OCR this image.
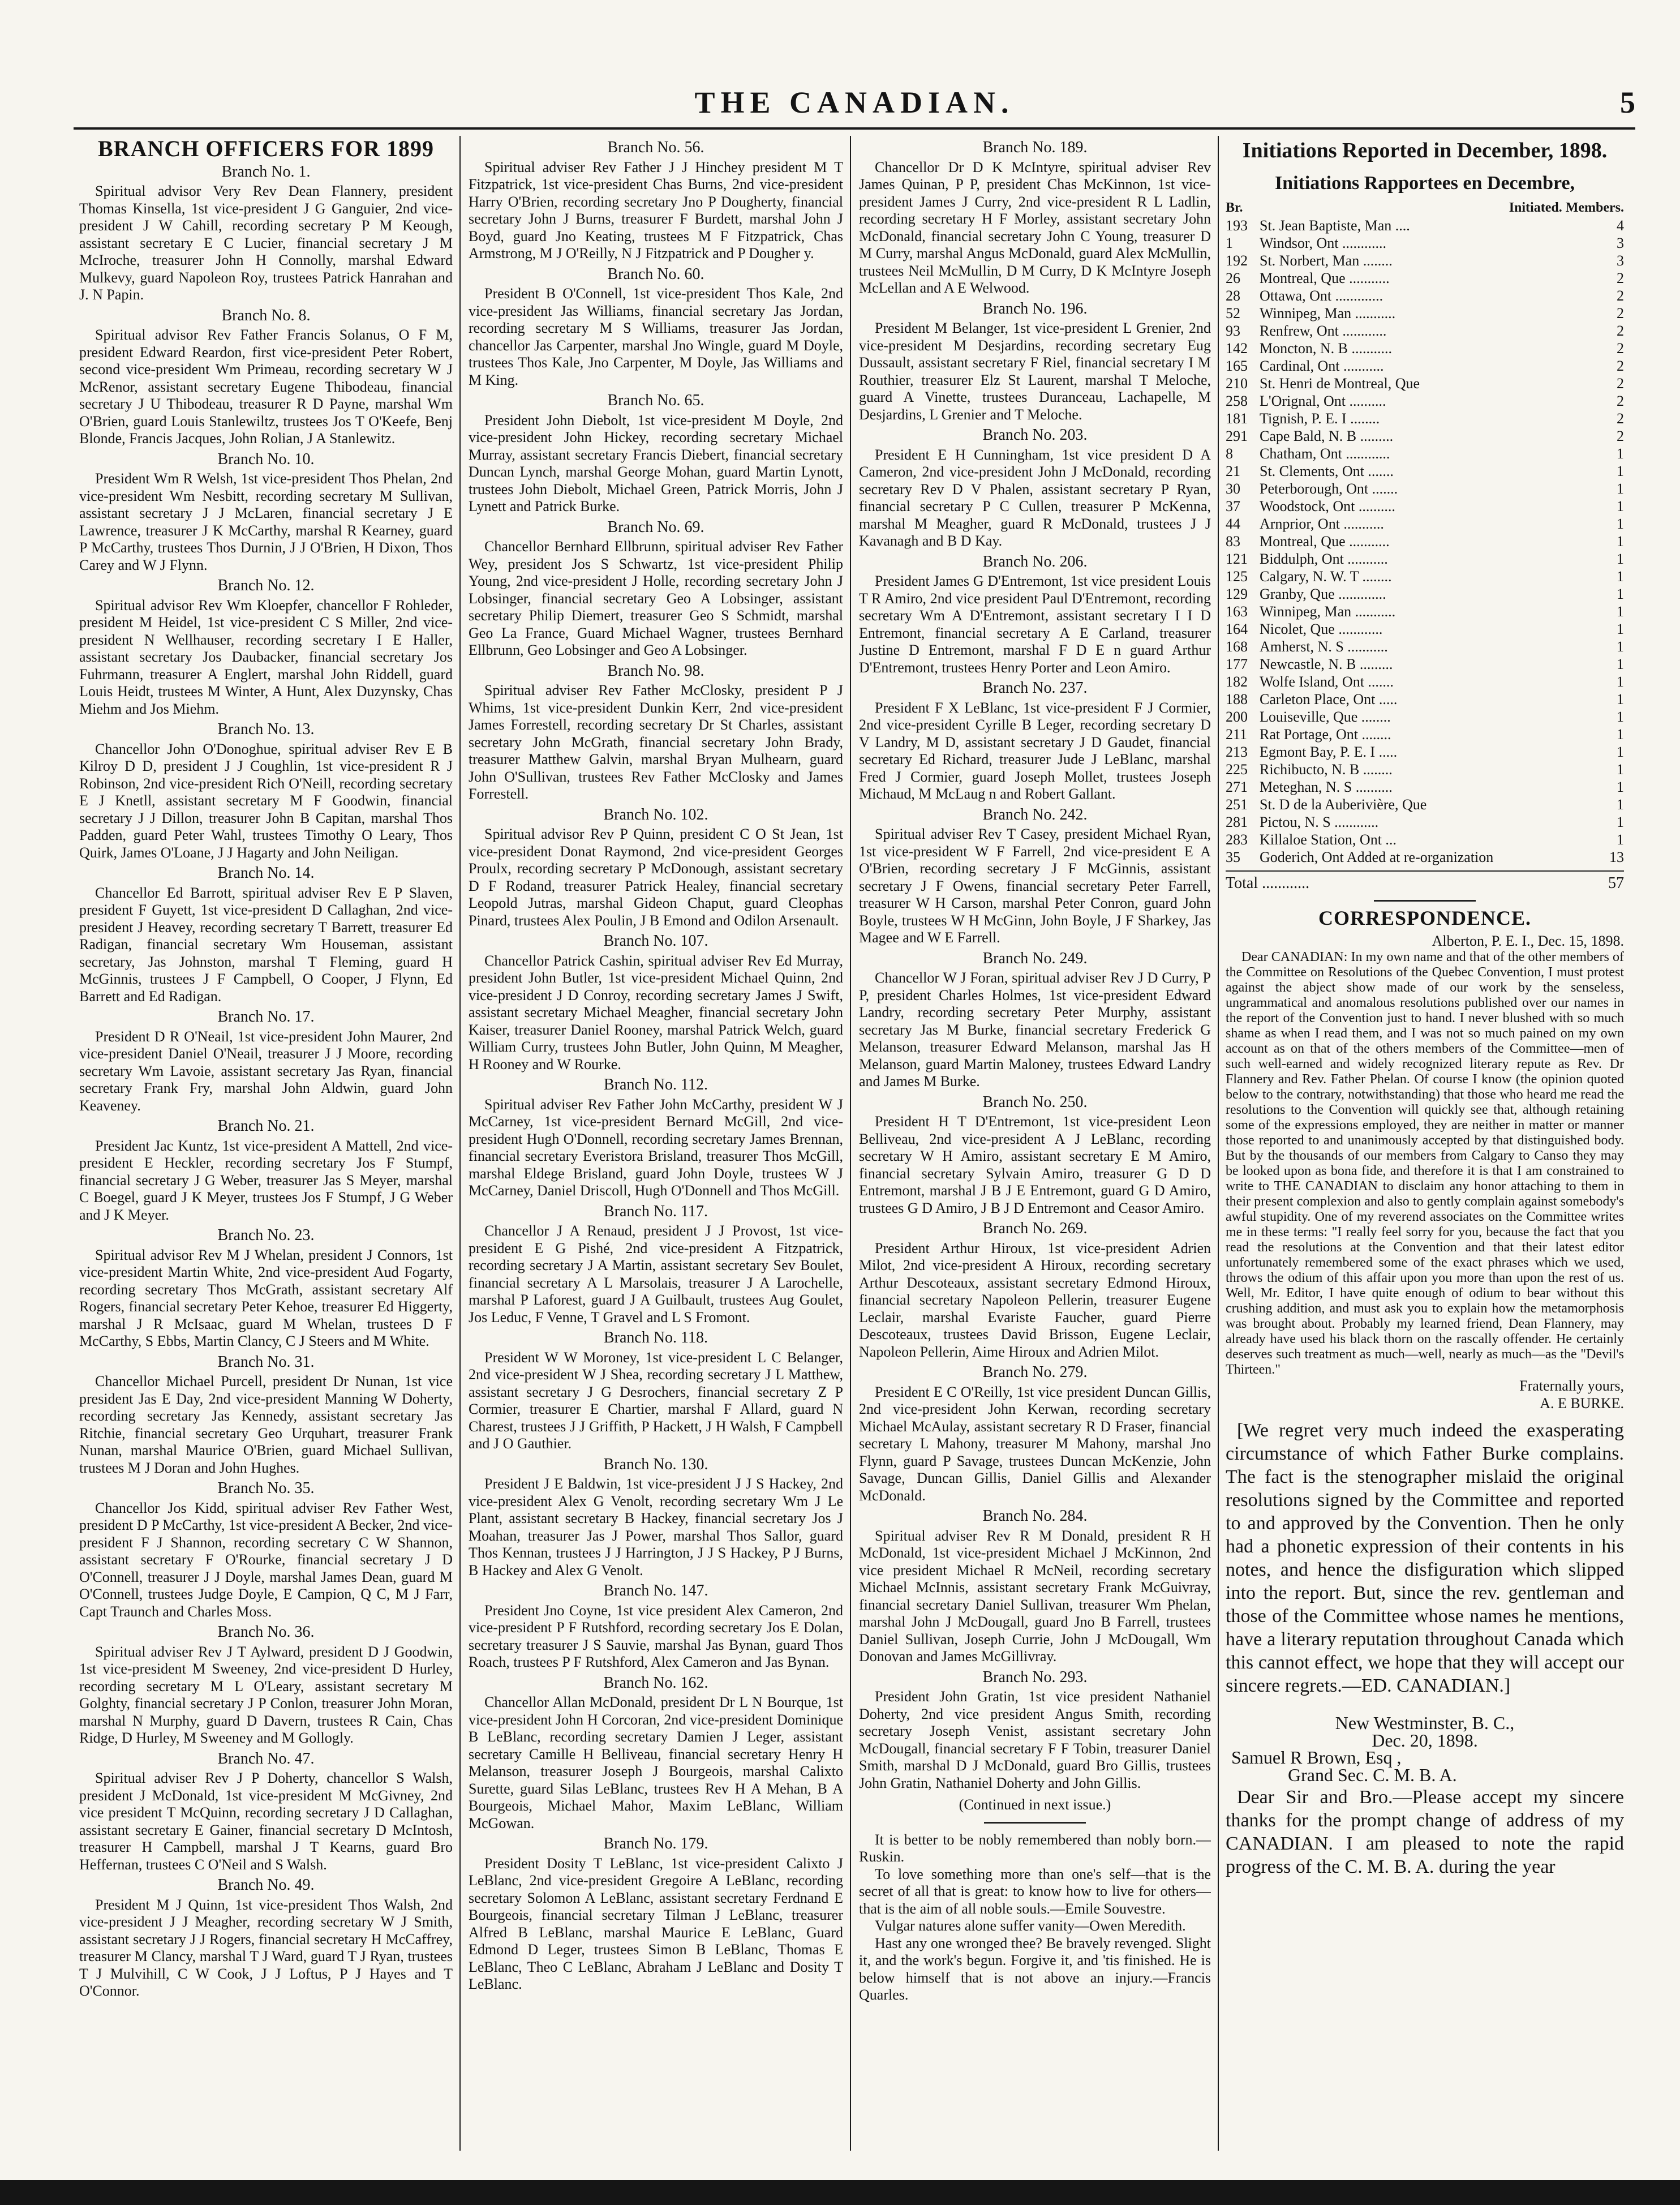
THE CANADIAN.	5
BRANCH OFFICERS FOR 1899
Branch No. 1.

Spiritual advisor Very Rev Dean Flannery, president Thomas Kinsella, 1st vice-president J G Ganguier, 2nd vice-president J W Cahill, recording secretary P M Keough, assistant secretary E C Lucier, financial secretary J M McIroche, treasurer John H Connolly, marshal Edward Mulkevy, guard Napoleon Roy, trustees Patrick Hanrahan and J. N Papin.

Branch No. 8.

Spiritual advisor Rev Father Francis Solanus, O F M, president Edward Reardon, first vice-president Peter Robert, second vice-president Wm Primeau, recording secretary W J McRenor, assistant secretary Eugene Thibodeau, financial secretary J U Thibodeau, treasurer R D Payne, marshal Wm O'Brien, guard Louis Stanlewiltz, trustees Jos T O'Keefe, Benj Blonde, Francis Jacques, John Rolian, J A Stanlewitz.

Branch No. 10.

President Wm R Welsh, 1st vice-president Thos Phelan, 2nd vice-president Wm Nesbitt, recording secretary M Sullivan, assistant secretary J J McLaren, financial secretary J E Lawrence, treasurer J K McCarthy, marshal R Kearney, guard P McCarthy, trustees Thos Durnin, J J O'Brien, H Dixon, Thos Carey and W J Flynn.

Branch No. 12.

Spiritual advisor Rev Wm Kloepfer, chancellor F Rohleder, president M Heidel, 1st vice-president C S Miller, 2nd vice-president N Wellhauser, recording secretary I E Haller, assistant secretary Jos Daubacker, financial secretary Jos Fuhrmann, treasurer A Englert, marshal John Riddell, guard Louis Heidt, trustees M Winter, A Hunt, Alex Duzynsky, Chas Miehm and Jos Miehm.

Branch No. 13.

Chancellor John O'Donoghue, spiritual adviser Rev E B Kilroy D D, president J J Coughlin, 1st vice-president R J Robinson, 2nd vice-president Rich O'Neill, recording secretary E J Knetll, assistant secretary M F Goodwin, financial secretary J J Dillon, treasurer John B Capitan, marshal Thos Padden, guard Peter Wahl, trustees Timothy O Leary, Thos Quirk, James O'Loane, J J Hagarty and John Neiligan.

Branch No. 14.

Chancellor Ed Barrott, spiritual adviser Rev E P Slaven, president F Guyett, 1st vice-president D Callaghan, 2nd vice-president J Heavey, recording secretary T Barrett, treasurer Ed Radigan, financial secretary Wm Houseman, assistant secretary, Jas Johnston, marshal T Fleming, guard H McGinnis, trustees J F Campbell, O Cooper, J Flynn, Ed Barrett and Ed Radigan.

Branch No. 17.

President D R O'Neail, 1st vice-president John Maurer, 2nd vice-president Daniel O'Neail, treasurer J J Moore, recording secretary Wm Lavoie, assistant secretary Jas Ryan, financial secretary Frank Fry, marshal John Aldwin, guard John Keaveney.

Branch No. 21.

President Jac Kuntz, 1st vice-president A Mattell, 2nd vice-president E Heckler, recording secretary Jos F Stumpf, financial secretary J G Weber, treasurer Jas S Meyer, marshal C Boegel, guard J K Meyer, trustees Jos F Stumpf, J G Weber and J K Meyer.

Branch No. 23.

Spiritual advisor Rev M J Whelan, president J Connors, 1st vice-president Martin White, 2nd vice-president Aud Fogarty, recording secretary Thos McGrath, assistant secretary Alf Rogers, financial secretary Peter Kehoe, treasurer Ed Higgerty, marshal J R McIsaac, guard M Whelan, trustees D F McCarthy, S Ebbs, Martin Clancy, C J Steers and M White.

Branch No. 31.

Chancellor Michael Purcell, president Dr Nunan, 1st vice president Jas E Day, 2nd vice-president Manning W Doherty, recording secretary Jas Kennedy, assistant secretary Jas Ritchie, financial secretary Geo Urquhart, treasurer Frank Nunan, marshal Maurice O'Brien, guard Michael Sullivan, trustees M J Doran and John Hughes.

Branch No. 35.

Chancellor Jos Kidd, spiritual adviser Rev Father West, president D P McCarthy, 1st vice-president A Becker, 2nd vice-president F J Shannon, recording secretary C W Shannon, assistant secretary F O'Rourke, financial secretary J D O'Connell, treasurer J J Doyle, marshal James Dean, guard M O'Connell, trustees Judge Doyle, E Campion, Q C, M J Farr, Capt Traunch and Charles Moss.

Branch No. 36.

Spiritual adviser Rev J T Aylward, president D J Goodwin, 1st vice-president M Sweeney, 2nd vice-president D Hurley, recording secretary M L O'Leary, assistant secretary M Golghty, financial secretary J P Conlon, treasurer John Moran, marshal N Murphy, guard D Davern, trustees R Cain, Chas Ridge, D Hurley, M Sweeney and M Gollogly.

Branch No. 47.

Spiritual adviser Rev J P Doherty, chancellor S Walsh, president J McDonald, 1st vice-president M McGivney, 2nd vice president T McQuinn, recording secretary J D Callaghan, assistant secretary E Gainer, financial secretary D McIntosh, treasurer H Campbell, marshal J T Kearns, guard Bro Heffernan, trustees C O'Neil and S Walsh.

Branch No. 49.

President M J Quinn, 1st vice-president Thos Walsh, 2nd vice-president J J Meagher, recording secretary W J Smith, assistant secretary J J Rogers, financial secretary H McCaffrey, treasurer M Clancy, marshal T J Ward, guard T J Ryan, trustees T J Mulvihill, C W Cook, J J Loftus, P J Hayes and T O'Connor.

Branch No. 56.

Spiritual adviser Rev Father J J Hinchey president M T Fitzpatrick, 1st vice-president Chas Burns, 2nd vice-president Harry O'Brien, recording secretary Jno P Dougherty, financial secretary John J Burns, treasurer F Burdett, marshal John J Boyd, guard Jno Keating, trustees M F Fitzpatrick, Chas Armstrong, M J O'Reilly, N J Fitzpatrick and P Dougher y.

Branch No. 60.

President B O'Connell, 1st vice-president Thos Kale, 2nd vice-president Jas Williams, financial secretary Jas Jordan, recording secretary M S Williams, treasurer Jas Jordan, chancellor Jas Carpenter, marshal Jno Wingle, guard M Doyle, trustees Thos Kale, Jno Carpenter, M Doyle, Jas Williams and M King.

Branch No. 65.

President John Diebolt, 1st vice-president M Doyle, 2nd vice-president John Hickey, recording secretary Michael Murray, assistant secretary Francis Diebert, financial secretary Duncan Lynch, marshal George Mohan, guard Martin Lynott, trustees John Diebolt, Michael Green, Patrick Morris, John J Lynett and Patrick Burke.

Branch No. 69.

Chancellor Bernhard Ellbrunn, spiritual adviser Rev Father Wey, president Jos S Schwartz, 1st vice-president Philip Young, 2nd vice-president J Holle, recording secretary John J Lobsinger, financial secretary Geo A Lobsinger, assistant secretary Philip Diemert, treasurer Geo S Schmidt, marshal Geo La France, Guard Michael Wagner, trustees Bernhard Ellbrunn, Geo Lobsinger and Geo A Lobsinger.

Branch No. 98.

Spiritual adviser Rev Father McClosky, president P J Whims, 1st vice-president Dunkin Kerr, 2nd vice-president James Forrestell, recording secretary Dr St Charles, assistant secretary John McGrath, financial secretary John Brady, treasurer Matthew Galvin, marshal Bryan Mulhearn, guard John O'Sullivan, trustees Rev Father McClosky and James Forrestell.

Branch No. 102.

Spiritual advisor Rev P Quinn, president C O St Jean, 1st vice-president Donat Raymond, 2nd vice-president Georges Proulx, recording secretary P McDonough, assistant secretary D F Rodand, treasurer Patrick Healey, financial secretary Leopold Jutras, marshal Gideon Chaput, guard Cleophas Pinard, trustees Alex Poulin, J B Emond and Odilon Arsenault.

Branch No. 107.

Chancellor Patrick Cashin, spiritual adviser Rev Ed Murray, president John Butler, 1st vice-president Michael Quinn, 2nd vice-president J D Conroy, recording secretary James J Swift, assistant secretary Michael Meagher, financial secretary John Kaiser, treasurer Daniel Rooney, marshal Patrick Welch, guard William Curry, trustees John Butler, John Quinn, M Meagher, H Rooney and W Rourke.

Branch No. 112.

Spiritual adviser Rev Father John McCarthy, president W J McCarney, 1st vice-president Bernard McGill, 2nd vice-president Hugh O'Donnell, recording secretary James Brennan, financial secretary Everistora Brisland, treasurer Thos McGill, marshal Eldege Brisland, guard John Doyle, trustees W J McCarney, Daniel Driscoll, Hugh O'Donnell and Thos McGill.

Branch No. 117.

Chancellor J A Renaud, president J J Provost, 1st vice-president E G Pishé, 2nd vice-president A Fitzpatrick, recording secretary J A Martin, assistant secretary Sev Boulet, financial secretary A L Marsolais, treasurer J A Larochelle, marshal P Laforest, guard J A Guilbault, trustees Aug Goulet, Jos Leduc, F Venne, T Gravel and L S Fromont.

Branch No. 118.

President W W Moroney, 1st vice-president L C Belanger, 2nd vice-president W J Shea, recording secretary J L Matthew, assistant secretary J G Desrochers, financial secretary Z P Cormier, treasurer E Chartier, marshal F Allard, guard N Charest, trustees J J Griffith, P Hackett, J H Walsh, F Campbell and J O Gauthier.

Branch No. 130.

President J E Baldwin, 1st vice-president J J S Hackey, 2nd vice-president Alex G Venolt, recording secretary Wm J Le Plant, assistant secretary B Hackey, financial secretary Jos J Moahan, treasurer Jas J Power, marshal Thos Sallor, guard Thos Kennan, trustees J J Harrington, J J S Hackey, P J Burns, B Hackey and Alex G Venolt.

Branch No. 147.

President Jno Coyne, 1st vice president Alex Cameron, 2nd vice-president P F Rutshford, recording secretary Jos E Dolan, secretary treasurer J S Sauvie, marshal Jas Bynan, guard Thos Roach, trustees P F Rutshford, Alex Cameron and Jas Bynan.

Branch No. 162.

Chancellor Allan McDonald, president Dr L N Bourque, 1st vice-president John H Corcoran, 2nd vice-president Dominique B LeBlanc, recording secretary Damien J Leger, assistant secretary Camille H Belliveau, financial secretary Henry H Melanson, treasurer Joseph J Bourgeois, marshal Calixto Surette, guard Silas LeBlanc, trustees Rev H A Mehan, B A Bourgeois, Michael Mahor, Maxim LeBlanc, William McGowan.

Branch No. 179.

President Dosity T LeBlanc, 1st vice-president Calixto J LeBlanc, 2nd vice-president Gregoire A LeBlanc, recording secretary Solomon A LeBlanc, assistant secretary Ferdnand E Bourgeois, financial secretary Tilman J LeBlanc, treasurer Alfred B LeBlanc, marshal Maurice E LeBlanc, Guard Edmond D Leger, trustees Simon B LeBlanc, Thomas E LeBlanc, Theo C LeBlanc, Abraham J LeBlanc and Dosity T LeBlanc.

Branch No. 189.

Chancellor Dr D K McIntyre, spiritual adviser Rev James Quinan, P P, president Chas McKinnon, 1st vice-president James J Curry, 2nd vice-president R L Ladlin, recording secretary H F Morley, assistant secretary John McDonald, financial secretary John C Young, treasurer D M Curry, marshal Angus McDonald, guard Alex McMullin, trustees Neil McMullin, D M Curry, D K McIntyre Joseph McLellan and A E Welwood.

Branch No. 196.

President M Belanger, 1st vice-president L Grenier, 2nd vice-president M Desjardins, recording secretary Eug Dussault, assistant secretary F Riel, financial secretary I M Routhier, treasurer Elz St Laurent, marshal T Meloche, guard A Vinette, trustees Duranceau, Lachapelle, M Desjardins, L Grenier and T Meloche.

Branch No. 203.

President E H Cunningham, 1st vice president D A Cameron, 2nd vice-president John J McDonald, recording secretary Rev D V Phalen, assistant secretary P Ryan, financial secretary P C Cullen, treasurer P McKenna, marshal M Meagher, guard R McDonald, trustees J J Kavanagh and B D Kay.

Branch No. 206.

President James G D'Entremont, 1st vice president Louis T R Amiro, 2nd vice president Paul D'Entremont, recording secretary Wm A D'Entremont, assistant secretary I I D Entremont, financial secretary A E Carland, treasurer Justine D Entremont, marshal F D E n guard Arthur D'Entremont, trustees Henry Porter and Leon Amiro.

Branch No. 237.

President F X LeBlanc, 1st vice-president F J Cormier, 2nd vice-president Cyrille B Leger, recording secretary D V Landry, M D, assistant secretary J D Gaudet, financial secretary Ed Richard, treasurer Jude J LeBlanc, marshal Fred J Cormier, guard Joseph Mollet, trustees Joseph Michaud, M McLaug n and Robert Gallant.

Branch No. 242.

Spiritual adviser Rev T Casey, president Michael Ryan, 1st vice-president W F Farrell, 2nd vice-president E A O'Brien, recording secretary J F McGinnis, assistant secretary J F Owens, financial secretary Peter Farrell, treasurer W H Carson, marshal Peter Conron, guard John Boyle, trustees W H McGinn, John Boyle, J F Sharkey, Jas Magee and W E Farrell.

Branch No. 249.

Chancellor W J Foran, spiritual adviser Rev J D Curry, P P, president Charles Holmes, 1st vice-president Edward Landry, recording secretary Peter Murphy, assistant secretary Jas M Burke, financial secretary Frederick G Melanson, treasurer Edward Melanson, marshal Jas H Melanson, guard Martin Maloney, trustees Edward Landry and James M Burke.

Branch No. 250.

President H T D'Entremont, 1st vice-president Leon Belliveau, 2nd vice-president A J LeBlanc, recording secretary W H Amiro, assistant secretary E M Amiro, financial secretary Sylvain Amiro, treasurer G D D Entremont, marshal J B J E Entremont, guard G D Amiro, trustees G D Amiro, J B J D Entremont and Ceasor Amiro.

Branch No. 269.

President Arthur Hiroux, 1st vice-president Adrien Milot, 2nd vice-president A Hiroux, recording secretary Arthur Descoteaux, assistant secretary Edmond Hiroux, financial secretary Napoleon Pellerin, treasurer Eugene Leclair, marshal Evariste Faucher, guard Pierre Descoteaux, trustees David Brisson, Eugene Leclair, Napoleon Pellerin, Aime Hiroux and Adrien Milot.

Branch No. 279.

President E C O'Reilly, 1st vice president Duncan Gillis, 2nd vice-president John Kerwan, recording secretary Michael McAulay, assistant secretary R D Fraser, financial secretary L Mahony, treasurer M Mahony, marshal Jno Flynn, guard P Savage, trustees Duncan McKenzie, John Savage, Duncan Gillis, Daniel Gillis and Alexander McDonald.

Branch No. 284.

Spiritual adviser Rev R M Donald, president R H McDonald, 1st vice-president Michael J McKinnon, 2nd vice president Michael R McNeil, recording secretary Michael McInnis, assistant secretary Frank McGuivray, financial secretary Daniel Sullivan, treasurer Wm Phelan, marshal John J McDougall, guard Jno B Farrell, trustees Daniel Sullivan, Joseph Currie, John J McDougall, Wm Donovan and James McGillivray.

Branch No. 293.

President John Gratin, 1st vice president Nathaniel Doherty, 2nd vice president Angus Smith, recording secretary Joseph Venist, assistant secretary John McDougall, financial secretary F F Tobin, treasurer Daniel Smith, marshal D J McDonald, guard Bro Gillis, trustees John Gratin, Nathaniel Doherty and John Gillis.

(Continued in next issue.)

It is better to be nobly remembered than nobly born.—Ruskin.

To love something more than one's self—that is the secret of all that is great: to know how to live for others—that is the aim of all noble souls.—Emile Souvestre.

Vulgar natures alone suffer vanity—Owen Meredith.

Hast any one wronged thee? Be bravely revenged. Slight it, and the work's begun. Forgive it, and 'tis finished. He is below himself that is not above an injury.—Francis Quarles.

Initiations Reported in December, 1898.
Initiations Rapportees en Decembre,
Br.	Initiated. Members.
193 St. Jean Baptiste, Man ....	4
1	Windsor, Ont ............	3
192 St. Norbert, Man ........	3
26	Montreal, Que ...........	2
28	Ottawa, Ont .............	2
52	Winnipeg, Man ...........	2
93	Renfrew, Ont ............	2
142 Moncton, N. B ...........	2
165 Cardinal, Ont ...........	2
210 St. Henri de Montreal, Que	2
258 L'Orignal, Ont ..........	2
181 Tignish, P. E. I ........	2
291 Cape Bald, N. B .........	2
8	Chatham, Ont ............	1
21	St. Clements, Ont .......	1
30	Peterborough, Ont .......	1
37	Woodstock, Ont ..........	1
44	Arnprior, Ont ...........	1
83	Montreal, Que ...........	1
121 Biddulph, Ont ...........	1
125 Calgary, N. W. T ........	1
129 Granby, Que .............	1
163 Winnipeg, Man ...........	1
164 Nicolet, Que ............	1
168 Amherst, N. S ...........	1
177 Newcastle, N. B .........	1
182 Wolfe Island, Ont .......	1
188 Carleton Place, Ont .....	1
200 Louiseville, Que ........	1
211 Rat Portage, Ont ........	1
213 Egmont Bay, P. E. I .....	1
225 Richibucto, N. B ........	1
271 Meteghan, N. S ..........	1
251 St. D de la Auberivière, Que	1
281 Pictou, N. S ............	1
283 Killaloe Station, Ont ...	1
35	Goderich, Ont Added at re-organization	13
Total ............	57
CORRESPONDENCE.
Alberton, P. E. I., Dec. 15, 1898.

Dear CANADIAN: In my own name and that of the other members of the Committee on Resolutions of the Quebec Convention, I must protest against the abject show made of our work by the senseless, ungrammatical and anomalous resolutions published over our names in the report of the Convention just to hand. I never blushed with so much shame as when I read them, and I was not so much pained on my own account as on that of the others members of the Committee—men of such well-earned and widely recognized literary repute as Rev. Dr Flannery and Rev. Father Phelan. Of course I know (the opinion quoted below to the contrary, notwithstanding) that those who heard me read the resolutions to the Convention will quickly see that, although retaining some of the expressions employed, they are neither in matter or manner those reported to and unanimously accepted by that distinguished body. But by the thousands of our members from Calgary to Canso they may be looked upon as bona fide, and therefore it is that I am constrained to write to THE CANADIAN to disclaim any honor attaching to them in their present complexion and also to gently complain against somebody's awful stupidity. One of my reverend associates on the Committee writes me in these terms: "I really feel sorry for you, because the fact that you read the resolutions at the Convention and that their latest editor unfortunately remembered some of the exact phrases which we used, throws the odium of this affair upon you more than upon the rest of us. Well, Mr. Editor, I have quite enough of odium to bear without this crushing addition, and must ask you to explain how the metamorphosis was brought about. Probably my learned friend, Dean Flannery, may already have used his black thorn on the rascally offender. He certainly deserves such treatment as much—well, nearly as much—as the "Devil's Thirteen."

Fraternally yours,
A. E BURKE.
[We regret very much indeed the exasperating circumstance of which Father Burke complains. The fact is the stenographer mislaid the original resolutions signed by the Committee and reported to and approved by the Convention. Then he only had a phonetic expression of their contents in his notes, and hence the disfiguration which slipped into the report. But, since the rev. gentleman and those of the Committee whose names he mentions, have a literary reputation throughout Canada which this cannot effect, we hope that they will accept our sincere regrets.—ED. CANADIAN.]
New Westminster, B. C.,
Dec. 20, 1898.
Samuel R Brown, Esq ,
Grand Sec. C. M. B. A.
Dear Sir and Bro.—Please accept my sincere thanks for the prompt change of address of my CANADIAN. I am pleased to note the rapid progress of the C. M. B. A. during the year
